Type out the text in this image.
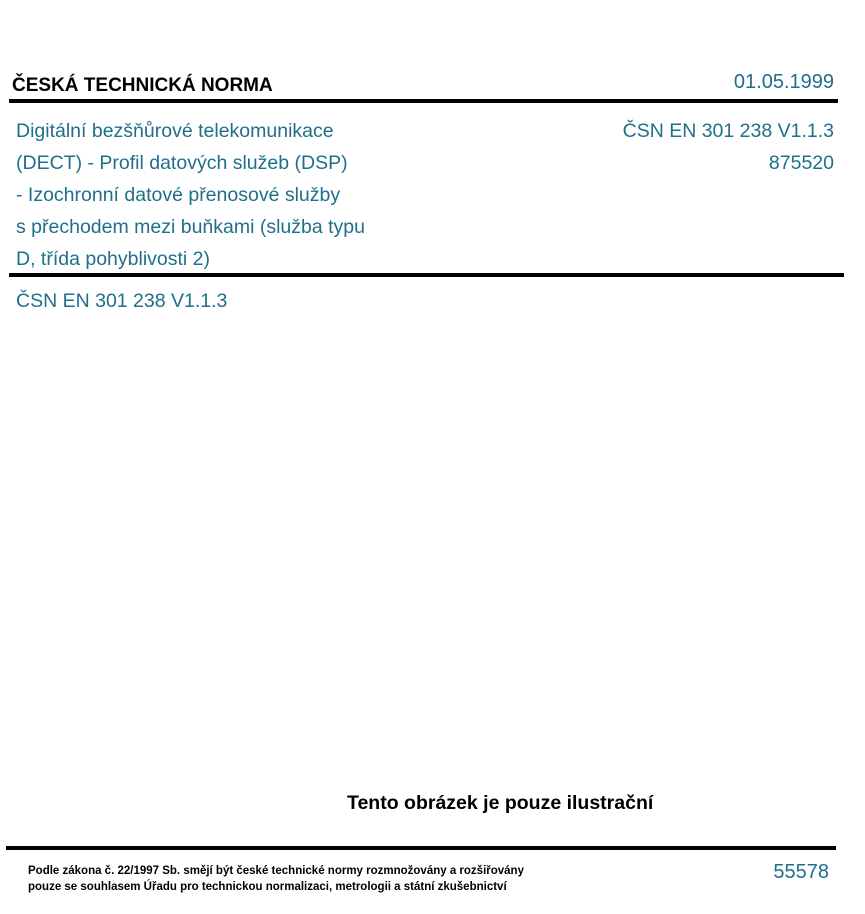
ČESKÁ TECHNICKÁ NORMA	01.05.1999
Digitální bezšňůrové telekomunikace
(DECT) - Profil datových služeb (DSP)
- Izochronní datové přenosové služby
s přechodem mezi buňkami (služba typu
D, třída pohyblivosti 2)
ČSN EN 301 238 V1.1.3
875520
ČSN EN 301 238 V1.1.3
Tento obrázek je pouze ilustrační
Podle zákona č. 22/1997 Sb. smějí být české technické normy rozmnožovány a rozšiřovány
pouze se souhlasem Úřadu pro technickou normalizaci, metrologii a státní zkušebnictví
55578
